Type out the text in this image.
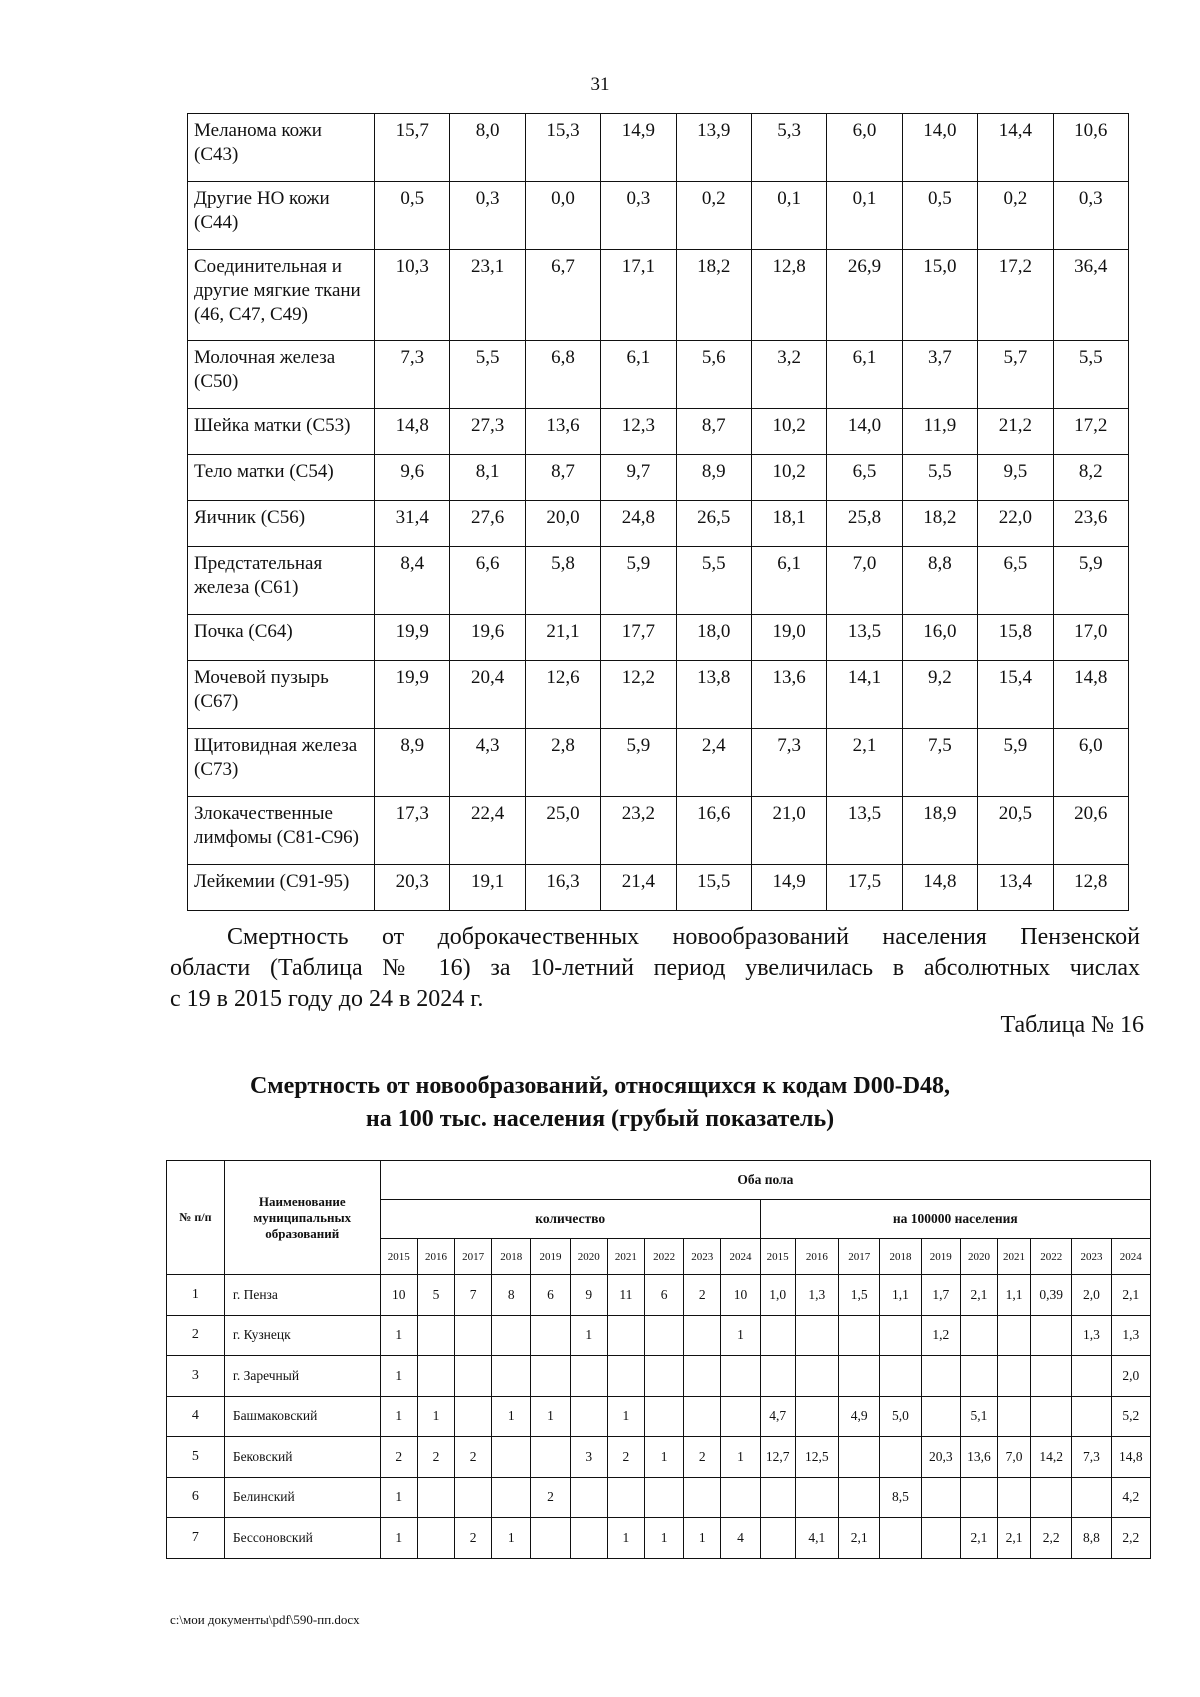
31
Меланома кожи (С43)	15,7	8,0	15,3	14,9	13,9	5,3	6,0	14,0	14,4	10,6
Другие НО кожи (С44)	0,5	0,3	0,0	0,3	0,2	0,1	0,1	0,5	0,2	0,3
Соединительная и другие мягкие ткани (46, С47, С49)	10,3	23,1	6,7	17,1	18,2	12,8	26,9	15,0	17,2	36,4
Молочная железа (С50)	7,3	5,5	6,8	6,1	5,6	3,2	6,1	3,7	5,7	5,5
Шейка матки (С53)	14,8	27,3	13,6	12,3	8,7	10,2	14,0	11,9	21,2	17,2
Тело матки (С54)	9,6	8,1	8,7	9,7	8,9	10,2	6,5	5,5	9,5	8,2
Яичник (С56)	31,4	27,6	20,0	24,8	26,5	18,1	25,8	18,2	22,0	23,6
Предстательная железа (С61)	8,4	6,6	5,8	5,9	5,5	6,1	7,0	8,8	6,5	5,9
Почка (С64)	19,9	19,6	21,1	17,7	18,0	19,0	13,5	16,0	15,8	17,0
Мочевой пузырь (С67)	19,9	20,4	12,6	12,2	13,8	13,6	14,1	9,2	15,4	14,8
Щитовидная железа (С73)	8,9	4,3	2,8	5,9	2,4	7,3	2,1	7,5	5,9	6,0
Злокачественные лимфомы (С81-С96)	17,3	22,4	25,0	23,2	16,6	21,0	13,5	18,9	20,5	20,6
Лейкемии (С91-95)	20,3	19,1	16,3	21,4	15,5	14,9	17,5	14,8	13,4	12,8
Смертность от доброкачественных новообразований населения Пензенской
области (Таблица № 16) за 10-летний период увеличилась в абсолютных числах
с 19 в 2015 году до 24 в 2024 г.
Таблица № 16
Смертность от новообразований, относящихся к кодам D00-D48,
на 100 тыс. населения (грубый показатель)
№ п/п	Наименование муниципальных образований	Оба пола																			
		количество										на 100000 населения									
		2015	2016	2017	2018	2019	2020	2021	2022	2023	2024	2015	2016	2017	2018	2019	2020	2021	2022	2023	2024
1	г. Пенза	10	5	7	8	6	9	11	6	2	10	1,0	1,3	1,5	1,1	1,7	2,1	1,1	0,39	2,0	2,1
2	г. Кузнецк	1					1				1					1,2				1,3	1,3
3	г. Заречный	1																			2,0
4	Башмаковский	1	1		1	1		1				4,7		4,9	5,0		5,1				5,2
5	Бековский	2	2	2			3	2	1	2	1	12,7	12,5			20,3	13,6	7,0	14,2	7,3	14,8
6	Белинский	1				2									8,5						4,2
7	Бессоновский	1		2	1			1	1	1	4		4,1	2,1			2,1	2,1	2,2	8,8	2,2
c:\мои документы\pdf\590-пп.docx
